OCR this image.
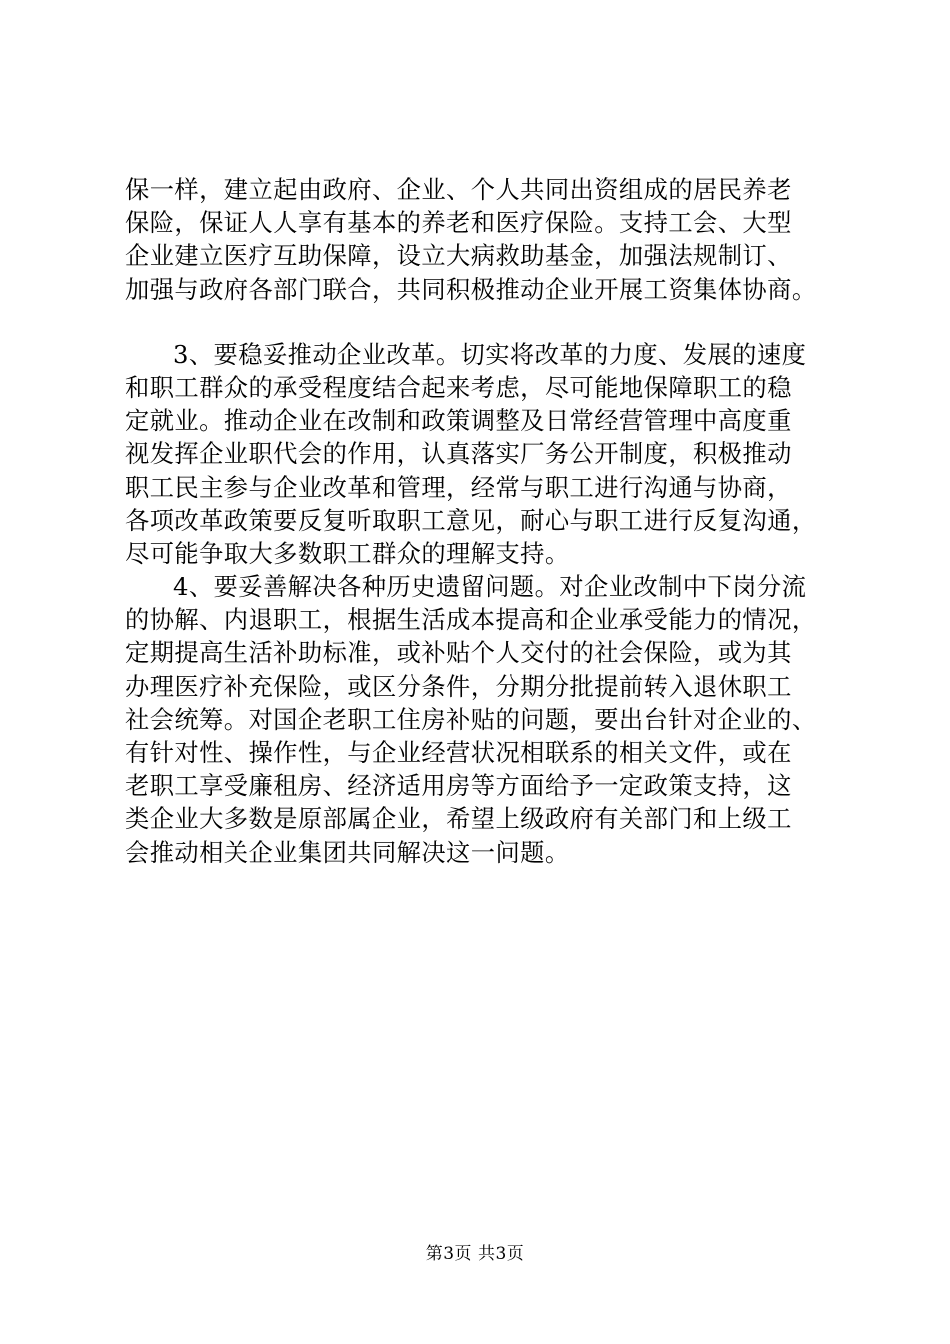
保一样，建立起由政府、企业、个人共同出资组成的居民养老
保险，保证人人享有基本的养老和医疗保险。支持工会、大型
企业建立医疗互助保障，设立大病救助基金，加强法规制订、
加强与政府各部门联合，共同积极推动企业开展工资集体协商。
3、要稳妥推动企业改革。切实将改革的力度、发展的速度
和职工群众的承受程度结合起来考虑，尽可能地保障职工的稳
定就业。推动企业在改制和政策调整及日常经营管理中高度重
视发挥企业职代会的作用，认真落实厂务公开制度，积极推动
职工民主参与企业改革和管理，经常与职工进行沟通与协商，
各项改革政策要反复听取职工意见，耐心与职工进行反复沟通，
尽可能争取大多数职工群众的理解支持。
4、要妥善解决各种历史遗留问题。对企业改制中下岗分流
的协解、内退职工，根据生活成本提高和企业承受能力的情况，
定期提高生活补助标准，或补贴个人交付的社会保险，或为其
办理医疗补充保险，或区分条件，分期分批提前转入退休职工
社会统筹。对国企老职工住房补贴的问题，要出台针对企业的、
有针对性、操作性，与企业经营状况相联系的相关文件，或在
老职工享受廉租房、经济适用房等方面给予一定政策支持，这
类企业大多数是原部属企业，希望上级政府有关部门和上级工
会推动相关企业集团共同解决这一问题。
第3页 共3页
